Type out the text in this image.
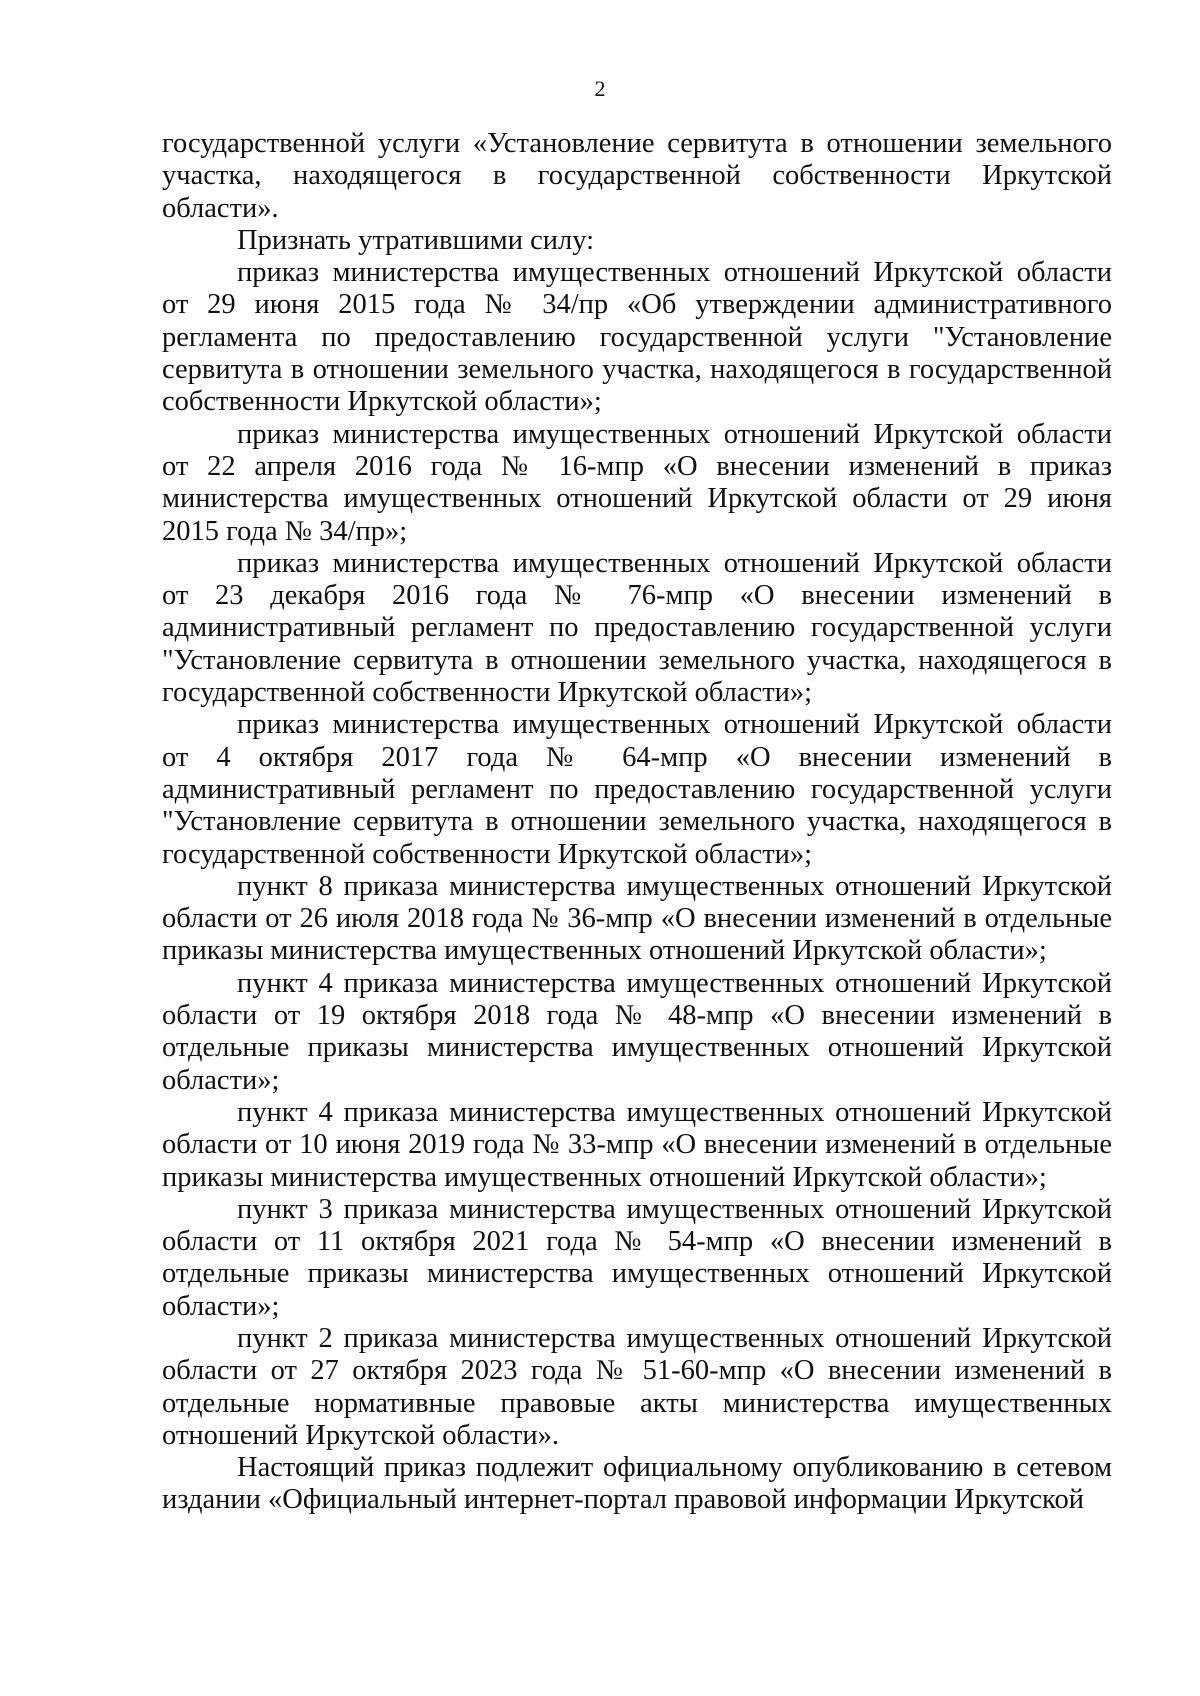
2

государственной услуги «Установление сервитута в отношении земельного участка, находящегося в государственной собственности Иркутской области».

Признать утратившими силу:

приказ министерства имущественных отношений Иркутской области от 29 июня 2015 года № 34/пр «Об утверждении административного регламента по предоставлению государственной услуги "Установление сервитута в отношении земельного участка, находящегося в государственной собственности Иркутской области»;

приказ министерства имущественных отношений Иркутской области от 22 апреля 2016 года № 16-мпр «О внесении изменений в приказ министерства имущественных отношений Иркутской области от 29 июня 2015 года № 34/пр»;

приказ министерства имущественных отношений Иркутской области от 23 декабря 2016 года № 76-мпр «О внесении изменений в административный регламент по предоставлению государственной услуги "Установление сервитута в отношении земельного участка, находящегося в государственной собственности Иркутской области»;

приказ министерства имущественных отношений Иркутской области от 4 октября 2017 года № 64-мпр «О внесении изменений в административный регламент по предоставлению государственной услуги "Установление сервитута в отношении земельного участка, находящегося в государственной собственности Иркутской области»;

пункт 8 приказа министерства имущественных отношений Иркутской области от 26 июля 2018 года № 36-мпр «О внесении изменений в отдельные приказы министерства имущественных отношений Иркутской области»;

пункт 4 приказа министерства имущественных отношений Иркутской области от 19 октября 2018 года № 48-мпр «О внесении изменений в отдельные приказы министерства имущественных отношений Иркутской области»;

пункт 4 приказа министерства имущественных отношений Иркутской области от 10 июня 2019 года № 33-мпр «О внесении изменений в отдельные приказы министерства имущественных отношений Иркутской области»;

пункт 3 приказа министерства имущественных отношений Иркутской области от 11 октября 2021 года № 54-мпр «О внесении изменений в отдельные приказы министерства имущественных отношений Иркутской области»;

пункт 2 приказа министерства имущественных отношений Иркутской области от 27 октября 2023 года № 51-60-мпр «О внесении изменений в отдельные нормативные правовые акты министерства имущественных отношений Иркутской области».

Настоящий приказ подлежит официальному опубликованию в сетевом издании «Официальный интернет-портал правовой информации Иркутской
